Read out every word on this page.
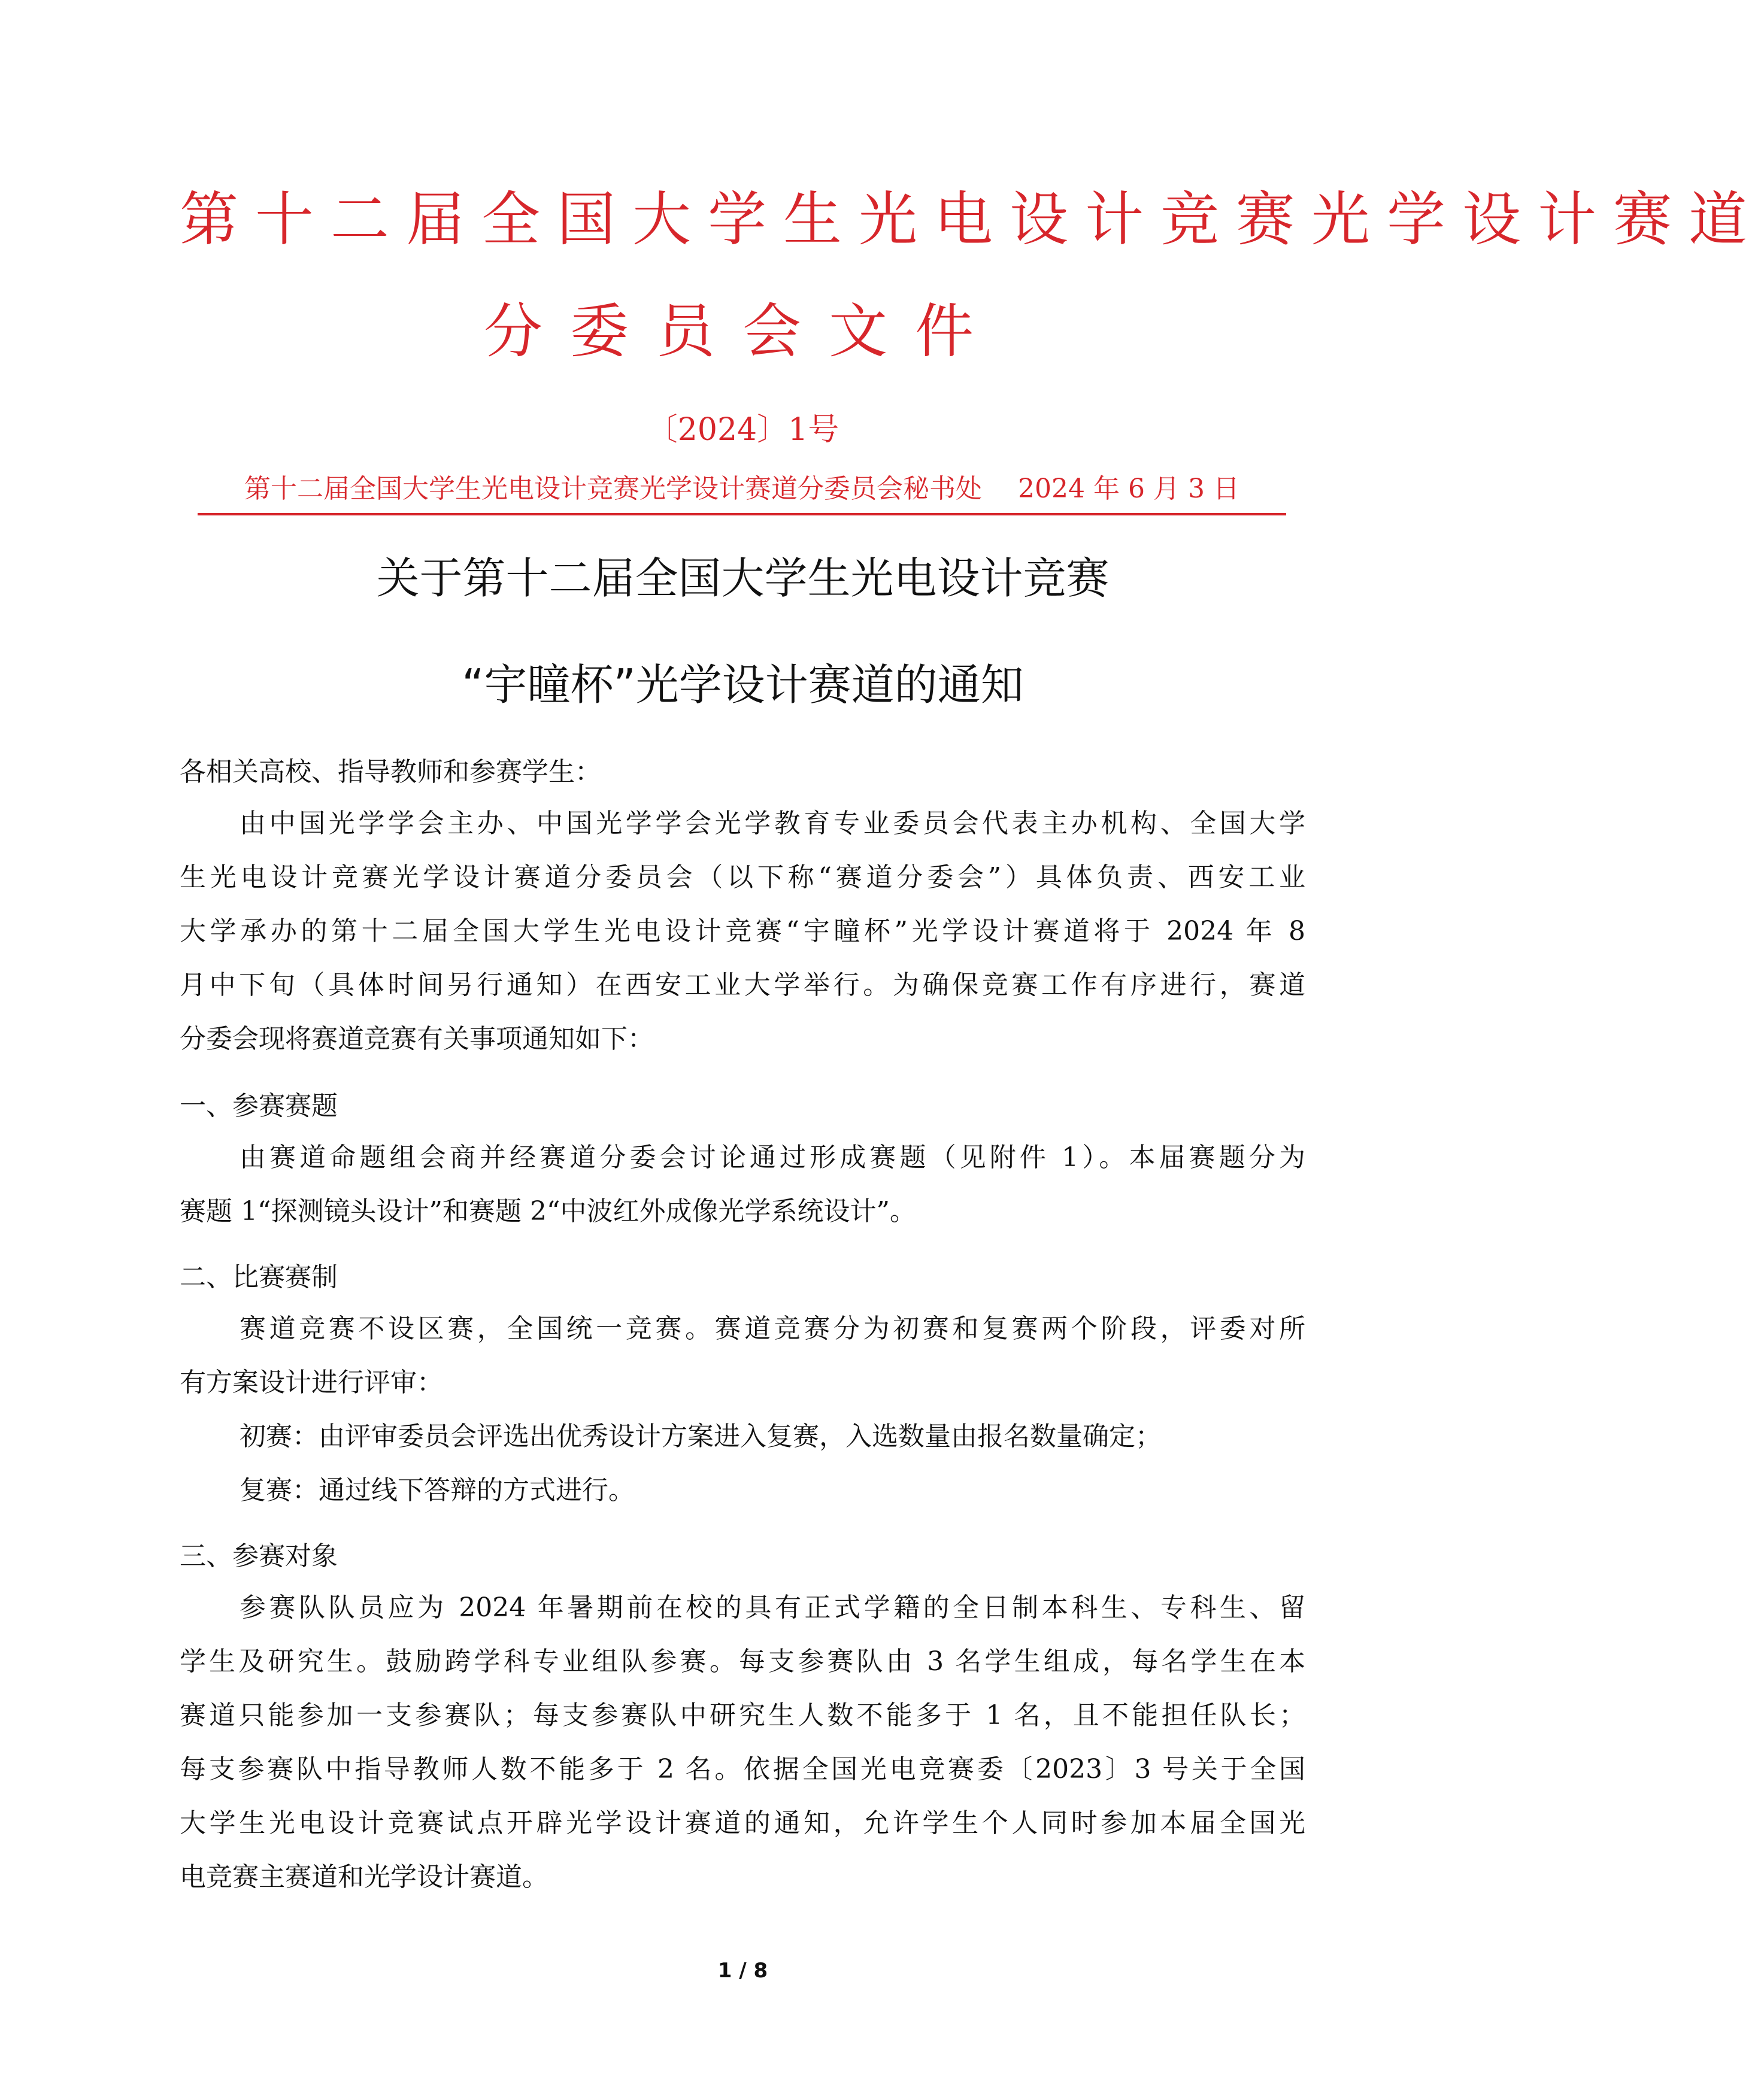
第十二届全国大学生光电设计竞赛光学设计赛道
分委员会文件
〔2024〕1号
第十二届全国大学生光电设计竞赛光学设计赛道分委员会秘书处 2024 年 6 月 3 日
关于第十二届全国大学生光电设计竞赛
“宇瞳杯”光学设计赛道的通知
各相关高校、指导教师和参赛学生：
由中国光学学会主办、中国光学学会光学教育专业委员会代表主办机构、全国大学
生光电设计竞赛光学设计赛道分委员会（以下称“赛道分委会”）具体负责、西安工业
大学承办的第十二届全国大学生光电设计竞赛“宇瞳杯”光学设计赛道将于 2024 年 8
月中下旬（具体时间另行通知）在西安工业大学举行。为确保竞赛工作有序进行，赛道
分委会现将赛道竞赛有关事项通知如下：
一、参赛赛题
由赛道命题组会商并经赛道分委会讨论通过形成赛题（见附件 1）。本届赛题分为
赛题 1“探测镜头设计”和赛题 2“中波红外成像光学系统设计”。
二、比赛赛制
赛道竞赛不设区赛，全国统一竞赛。赛道竞赛分为初赛和复赛两个阶段，评委对所
有方案设计进行评审：
初赛：由评审委员会评选出优秀设计方案进入复赛，入选数量由报名数量确定；
复赛：通过线下答辩的方式进行。
三、参赛对象
参赛队队员应为 2024 年暑期前在校的具有正式学籍的全日制本科生、专科生、留
学生及研究生。鼓励跨学科专业组队参赛。每支参赛队由 3 名学生组成，每名学生在本
赛道只能参加一支参赛队；每支参赛队中研究生人数不能多于 1 名，且不能担任队长；
每支参赛队中指导教师人数不能多于 2 名。依据全国光电竞赛委〔2023〕3 号关于全国
大学生光电设计竞赛试点开辟光学设计赛道的通知，允许学生个人同时参加本届全国光
电竞赛主赛道和光学设计赛道。
1 / 8
